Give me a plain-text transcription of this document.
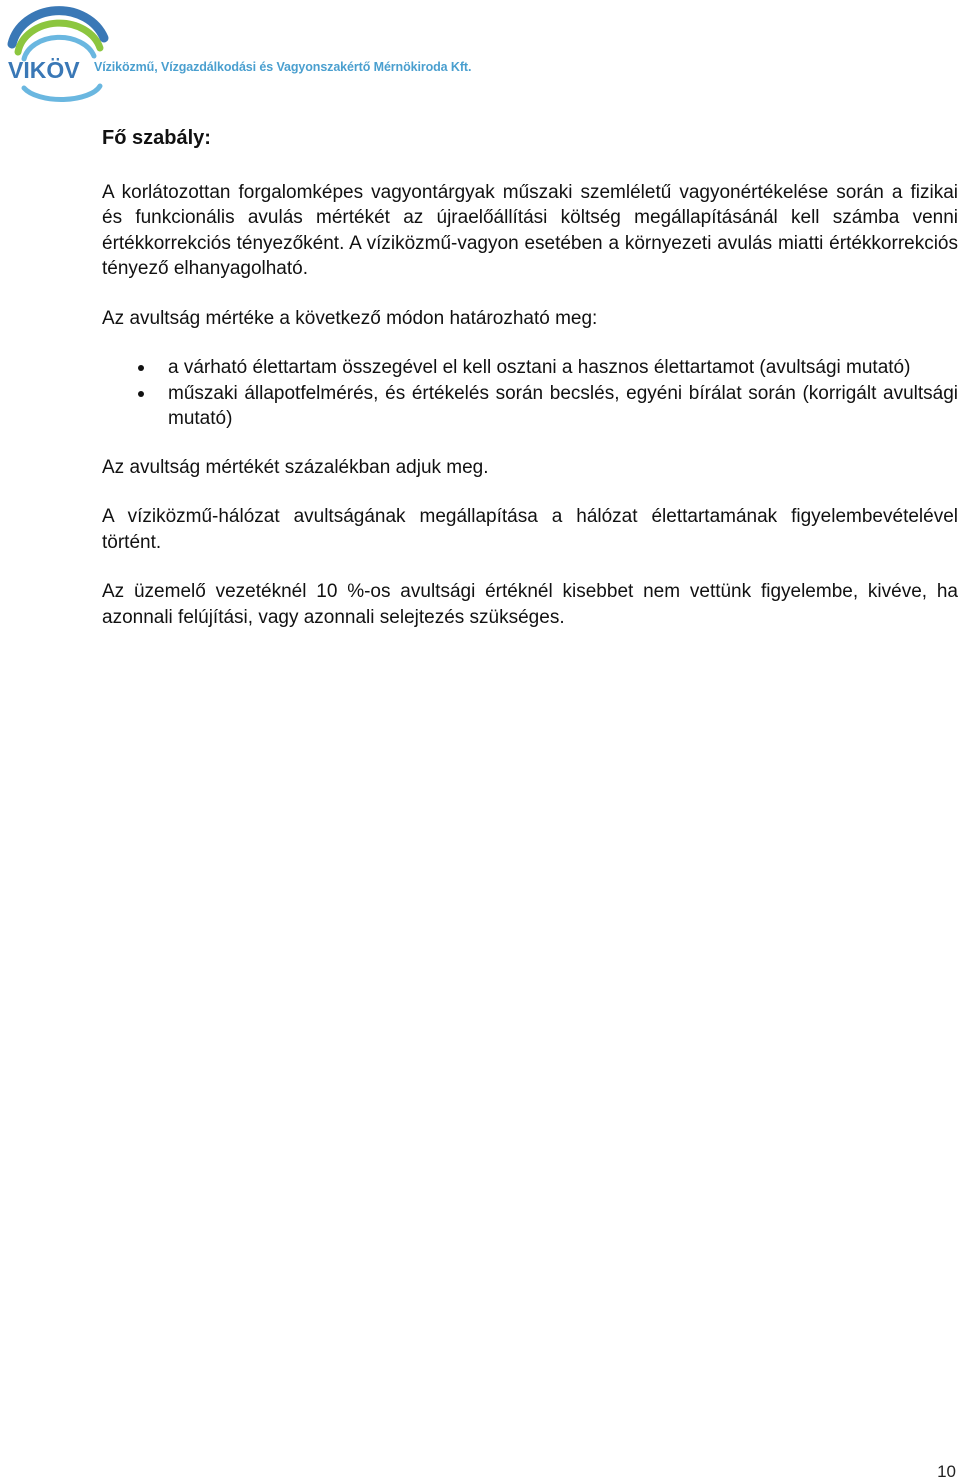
VIKÖV Víziközmű, Vízgazdálkodási és Vagyonszakértő Mérnökiroda Kft.
Fő szabály:

A korlátozottan forgalomképes vagyontárgyak műszaki szemléletű vagyonértékelése során a fizikai és funkcionális avulás mértékét az újraelőállítási költség megállapításánál kell számba venni értékkorrekciós tényezőként. A víziközmű-vagyon esetében a környezeti avulás miatti értékkorrekciós tényező elhanyagolható.

Az avultság mértéke a következő módon határozható meg:

a várható élettartam összegével el kell osztani a hasznos élettartamot (avultsági mutató)
műszaki állapotfelmérés, és értékelés során becslés, egyéni bírálat során (korrigált avultsági mutató)

Az avultság mértékét százalékban adjuk meg.

A víziközmű-hálózat avultságának megállapítása a hálózat élettartamának figyelembevételével történt.

Az üzemelő vezetéknél 10 %-os avultsági értéknél kisebbet nem vettünk figyelembe, kivéve, ha azonnali felújítási, vagy azonnali selejtezés szükséges.

10
